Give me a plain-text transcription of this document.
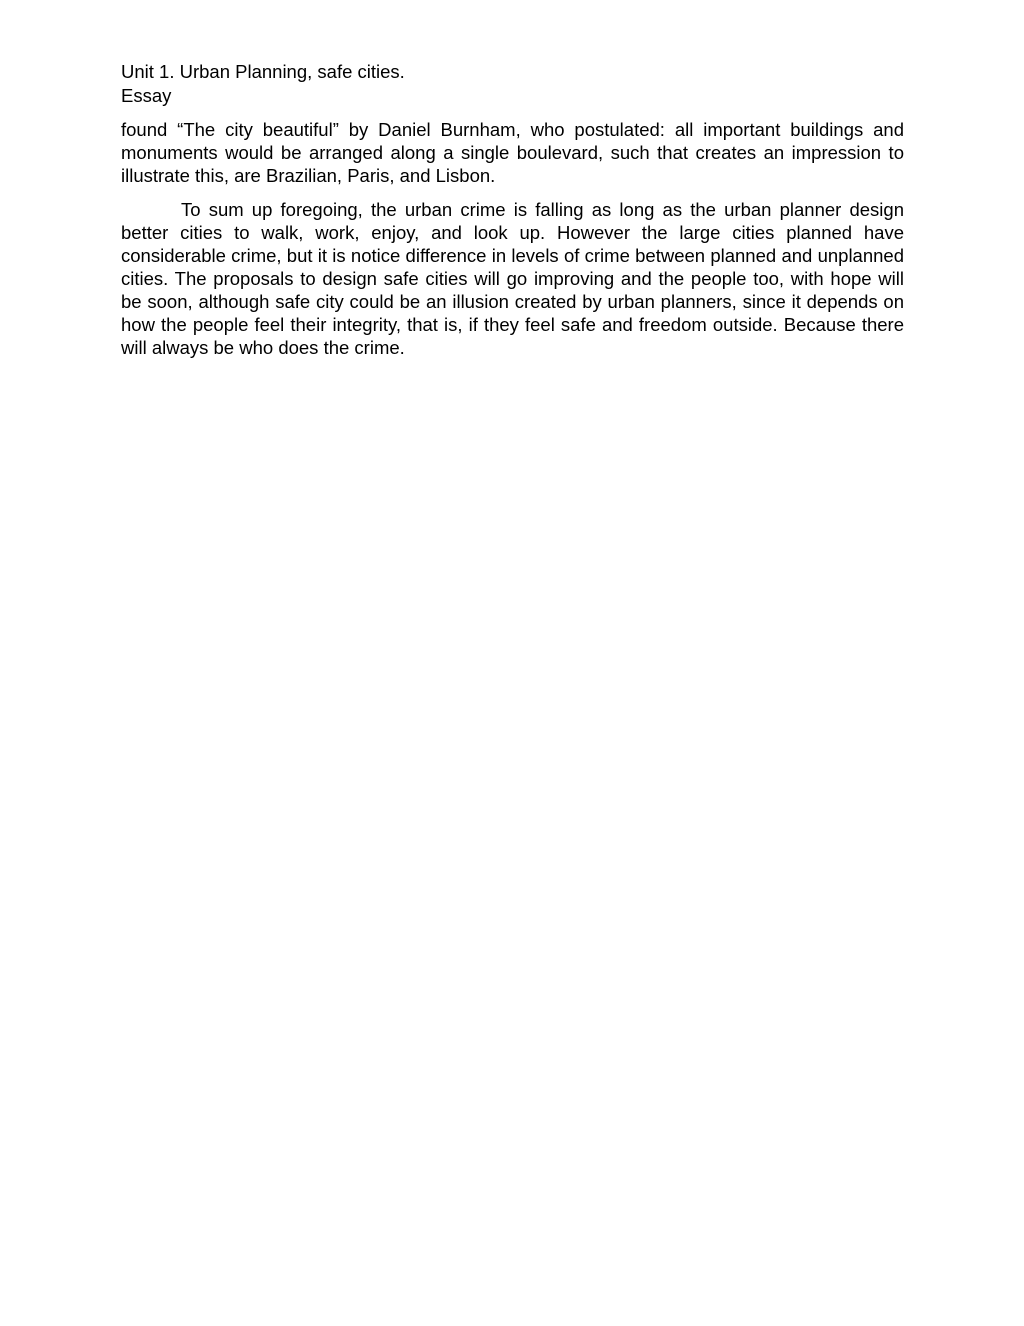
Unit 1. Urban Planning, safe cities.

Essay

found “The city beautiful” by Daniel Burnham, who postulated: all important buildings and monuments would be arranged along a single boulevard, such that creates an impression to illustrate this, are Brazilian, Paris, and Lisbon.

To sum up foregoing, the urban crime is falling as long as the urban planner design better cities to walk, work, enjoy, and look up. However the large cities planned have considerable crime, but it is notice difference in levels of crime between planned and unplanned cities. The proposals to design safe cities will go improving and the people too, with hope will be soon, although safe city could be an illusion created by urban planners, since it depends on how the people feel their integrity, that is, if they feel safe and freedom outside. Because there will always be who does the crime.
